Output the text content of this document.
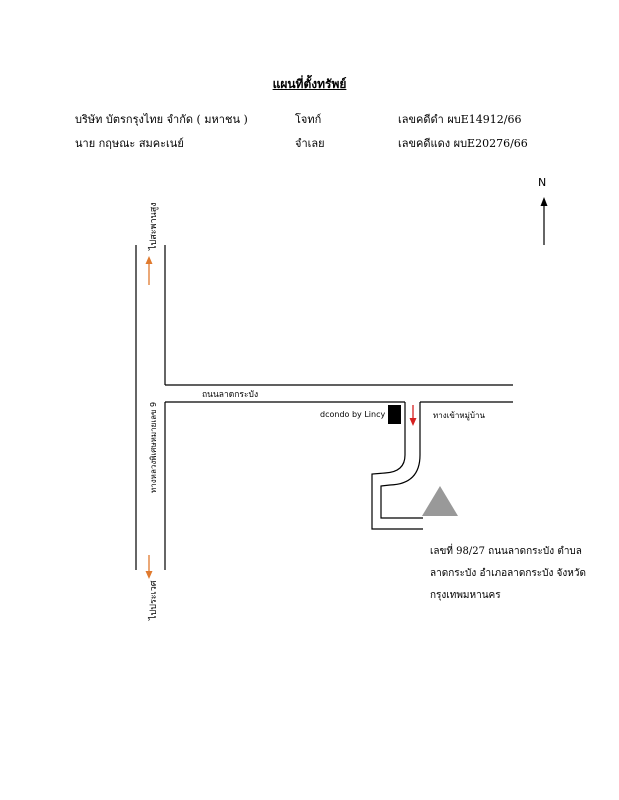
แผนที่ตั้งทรัพย์
บริษัท บัตรกรุงไทย จำกัด ( มหาชน )	โจทก์	เลขคดีดำ ผบE14912/66
นาย กฤษณะ สมคะเนย์	จำเลย	เลขคดีแดง ผบE20276/66
N
ไปสะพานสูง
ไปประเวศ
ทางหลวงพิเศษหมายเลข 9
ถนนลาดกระบัง
dcondo by Lincy	ทางเข้าหมู่บ้าน
เลขที่ 98/27 ถนนลาดกระบัง ตำบลลาดกระบัง อำเภอลาดกระบัง จังหวัดกรุงเทพมหานคร
